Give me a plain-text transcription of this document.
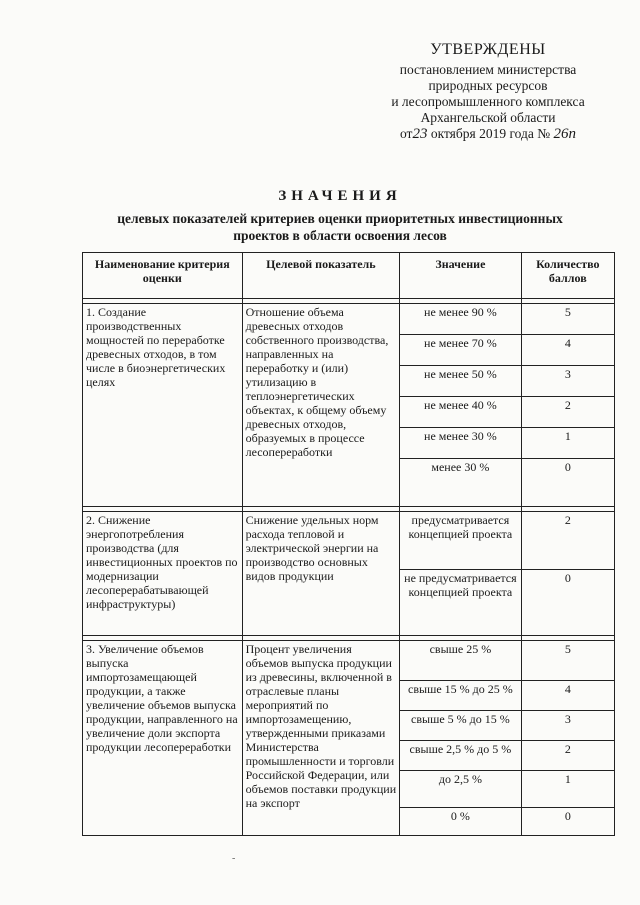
УТВЕРЖДЕНЫ
постановлением министерства
природных ресурсов
и лесопромышленного комплекса
Архангельской области
от23 октября 2019 года № 26п
ЗНАЧЕНИЯ
целевых показателей критериев оценки приоритетных инвестиционных
проектов в области освоения лесов
Наименование критерия оценки	Целевой показатель	Значение	Количество баллов

1. Создание производственных мощностей по переработке древесных отходов, в том числе в биоэнергетических целях	Отношение объема древесных отходов собственного производства, направленных на переработку и (или) утилизацию в теплоэнергетических объектах, к общему объему древесных отходов, образуемых в процессе лесопереработки	не менее 90 %	5
		не менее 70 %	4
		не менее 50 %	3
		не менее 40 %	2
		не менее 30 %	1
		менее 30 %	0

2. Снижение энергопотребления производства (для инвестиционных проектов по модернизации лесоперерабатывающей инфраструктуры)	Снижение удельных норм расхода тепловой и электрической энергии на производство основных видов продукции	предусматривается концепцией проекта	2
		не предусматривается концепцией проекта	0

3. Увеличение объемов выпуска импортозамещающей продукции, а также увеличение объемов выпуска продукции, направленного на увеличение доли экспорта продукции лесопереработки	Процент увеличения объемов выпуска продукции из древесины, включенной в отраслевые планы мероприятий по импортозамещению, утвержденными приказами Министерства промышленности и торговли Российской Федерации, или объемов поставки продукции на экспорт	свыше 25 %	5
		свыше 15 % до 25 %	4
		свыше 5 % до 15 %	3
		свыше 2,5 % до 5 %	2
		до 2,5 %	1
		0 %	0
-
